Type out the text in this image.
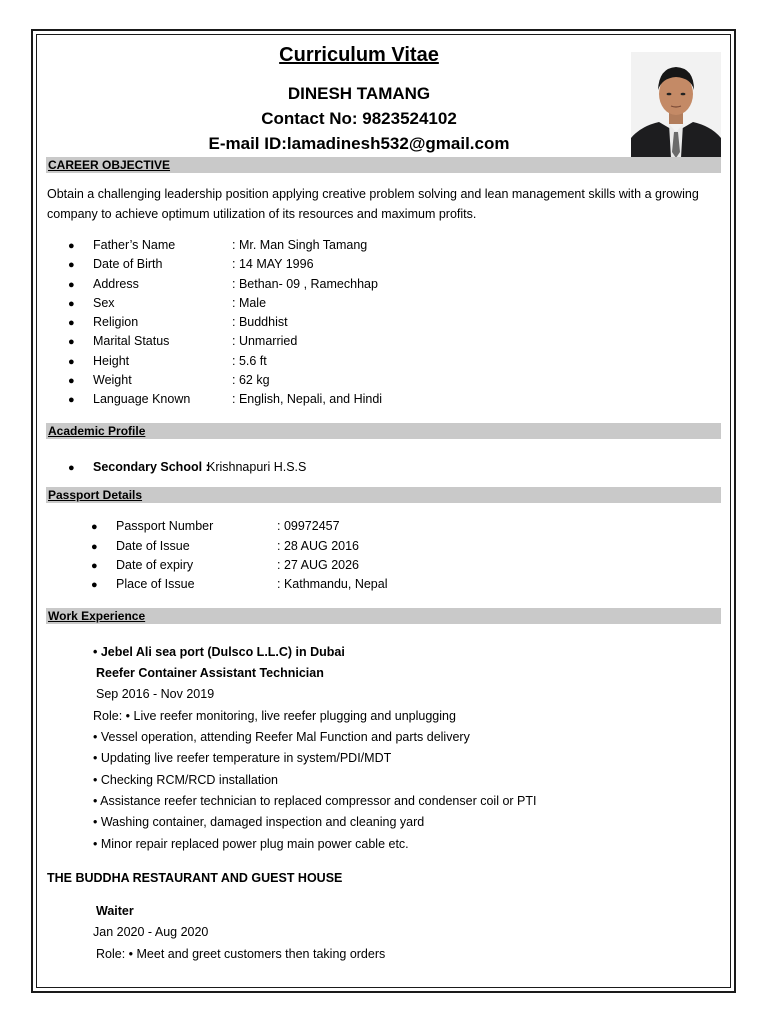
Curriculum Vitae
DINESH TAMANG
Contact No: 9823524102
E-mail ID:lamadinesh532@gmail.com
CAREER OBJECTIVE
Obtain a challenging leadership position applying creative problem solving and lean management skills with a growing company to achieve optimum utilization of its resources and maximum profits.
● Father’s Name	: Mr. Man Singh Tamang
● Date of Birth	: 14 MAY 1996
● Address	: Bethan- 09 , Ramechhap
● Sex	: Male
● Religion	: Buddhist
● Marital Status	: Unmarried
● Height	: 5.6 ft
● Weight	: 62 kg
● Language Known	: English, Nepali, and Hindi
Academic Profile
● Secondary School :
Krishnapuri H.S.S
Passport Details
● Passport Number	: 09972457
● Date of Issue	: 28 AUG 2016
● Date of expiry	: 27 AUG 2026
● Place of Issue	: Kathmandu, Nepal
Work Experience
• Jebel Ali sea port (Dulsco L.L.C) in Dubai
Reefer Container Assistant Technician
Sep 2016 - Nov 2019
Role: • Live reefer monitoring, live reefer plugging and unplugging
• Vessel operation, attending Reefer Mal Function and parts delivery
• Updating live reefer temperature in system/PDI/MDT
• Checking RCM/RCD installation
• Assistance reefer technician to replaced compressor and condenser coil or PTI
• Washing container, damaged inspection and cleaning yard
• Minor repair replaced power plug main power cable etc.
THE BUDDHA RESTAURANT AND GUEST HOUSE
Waiter
Jan 2020 - Aug 2020
Role: • Meet and greet customers then taking orders
